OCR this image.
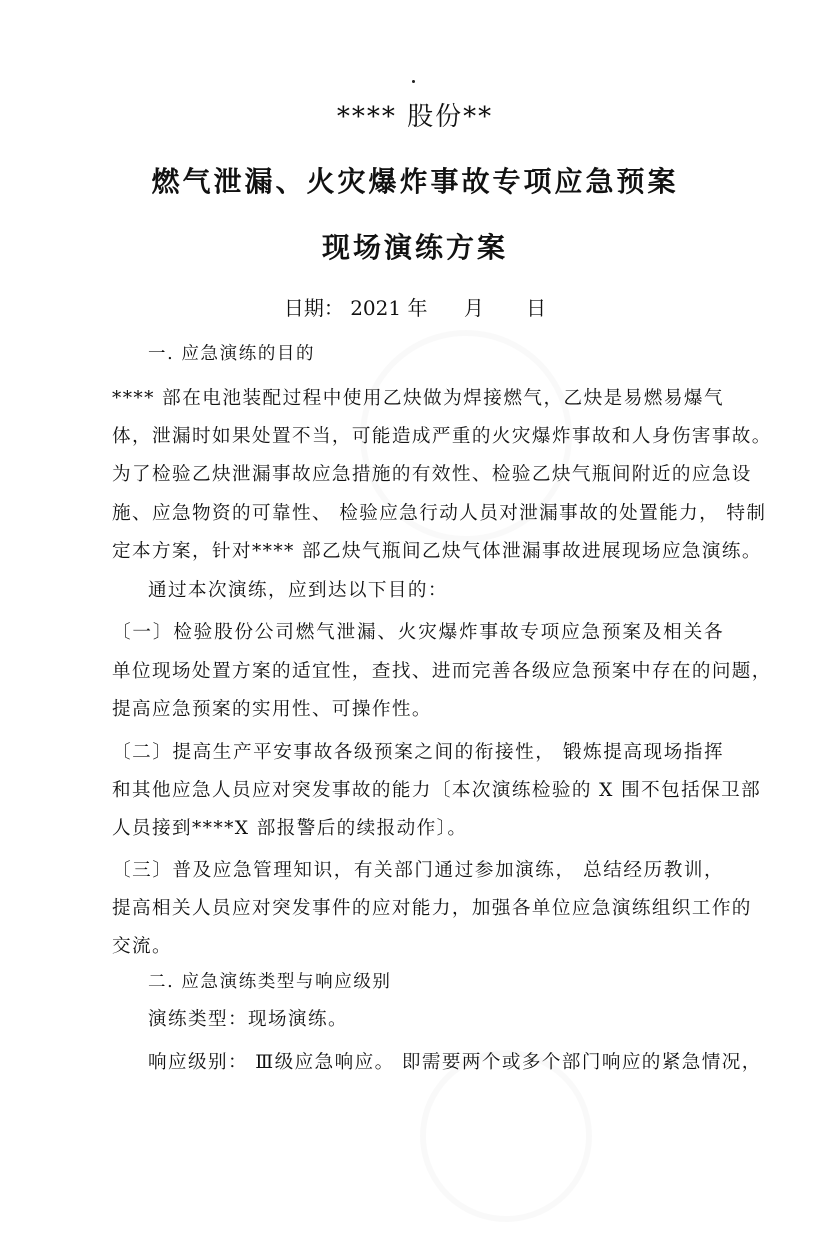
**** 股份**
燃气泄漏、火灾爆炸事故专项应急预案
现场演练方案
日期： 2021 年 月 日
一. 应急演练的目的
**** 部在电池装配过程中使用乙炔做为焊接燃气，乙炔是易燃易爆气
体，泄漏时如果处置不当，可能造成严重的火灾爆炸事故和人身伤害事故。
为了检验乙炔泄漏事故应急措施的有效性、检验乙炔气瓶间附近的应急设
施、应急物资的可靠性、 检验应急行动人员对泄漏事故的处置能力， 特制
定本方案，针对**** 部乙炔气瓶间乙炔气体泄漏事故进展现场应急演练。
通过本次演练，应到达以下目的：
〔一〕检验股份公司燃气泄漏、火灾爆炸事故专项应急预案及相关各
单位现场处置方案的适宜性，查找、进而完善各级应急预案中存在的问题，
提高应急预案的实用性、可操作性。
〔二〕提高生产平安事故各级预案之间的衔接性， 锻炼提高现场指挥
和其他应急人员应对突发事故的能力〔本次演练检验的 X 围不包括保卫部
人员接到****X 部报警后的续报动作〕。
〔三〕普及应急管理知识，有关部门通过参加演练， 总结经历教训，
提高相关人员应对突发事件的应对能力，加强各单位应急演练组织工作的
交流。
二. 应急演练类型与响应级别
演练类型：现场演练。
响应级别： Ⅲ级应急响应。 即需要两个或多个部门响应的紧急情况，
